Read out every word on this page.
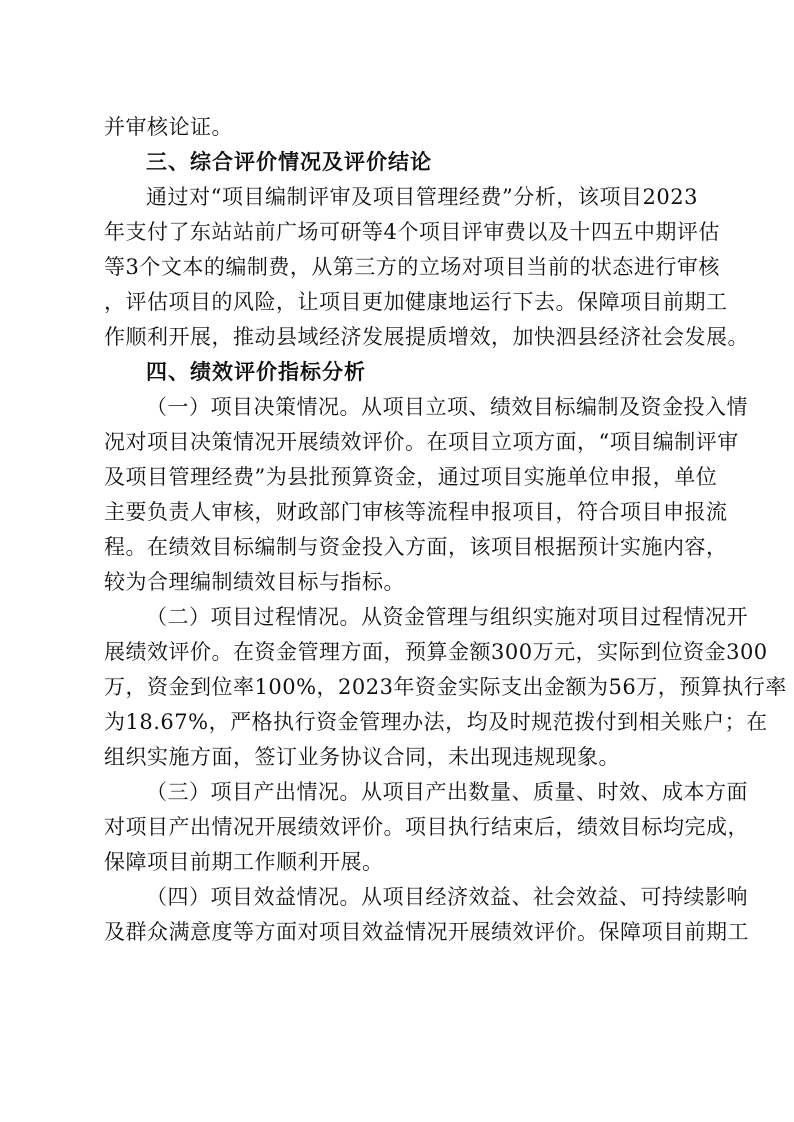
并审核论证。
三、综合评价情况及评价结论
通过对“项目编制评审及项目管理经费”分析，该项目2023
年支付了东站站前广场可研等4个项目评审费以及十四五中期评估
等3个文本的编制费，从第三方的立场对项目当前的状态进行审核
，评估项目的风险，让项目更加健康地运行下去。保障项目前期工
作顺利开展，推动县域经济发展提质增效，加快泗县经济社会发展。
四、绩效评价指标分析
（一）项目决策情况。从项目立项、绩效目标编制及资金投入情
况对项目决策情况开展绩效评价。在项目立项方面，“项目编制评审
及项目管理经费”为县批预算资金，通过项目实施单位申报，单位
主要负责人审核，财政部门审核等流程申报项目，符合项目申报流
程。在绩效目标编制与资金投入方面，该项目根据预计实施内容，
较为合理编制绩效目标与指标。
（二）项目过程情况。从资金管理与组织实施对项目过程情况开
展绩效评价。在资金管理方面，预算金额300万元，实际到位资金300
万，资金到位率100%，2023年资金实际支出金额为56万，预算执行率
为18.67%，严格执行资金管理办法，均及时规范拨付到相关账户；在
组织实施方面，签订业务协议合同，未出现违规现象。
（三）项目产出情况。从项目产出数量、质量、时效、成本方面
对项目产出情况开展绩效评价。项目执行结束后，绩效目标均完成，
保障项目前期工作顺利开展。
（四）项目效益情况。从项目经济效益、社会效益、可持续影响
及群众满意度等方面对项目效益情况开展绩效评价。保障项目前期工
